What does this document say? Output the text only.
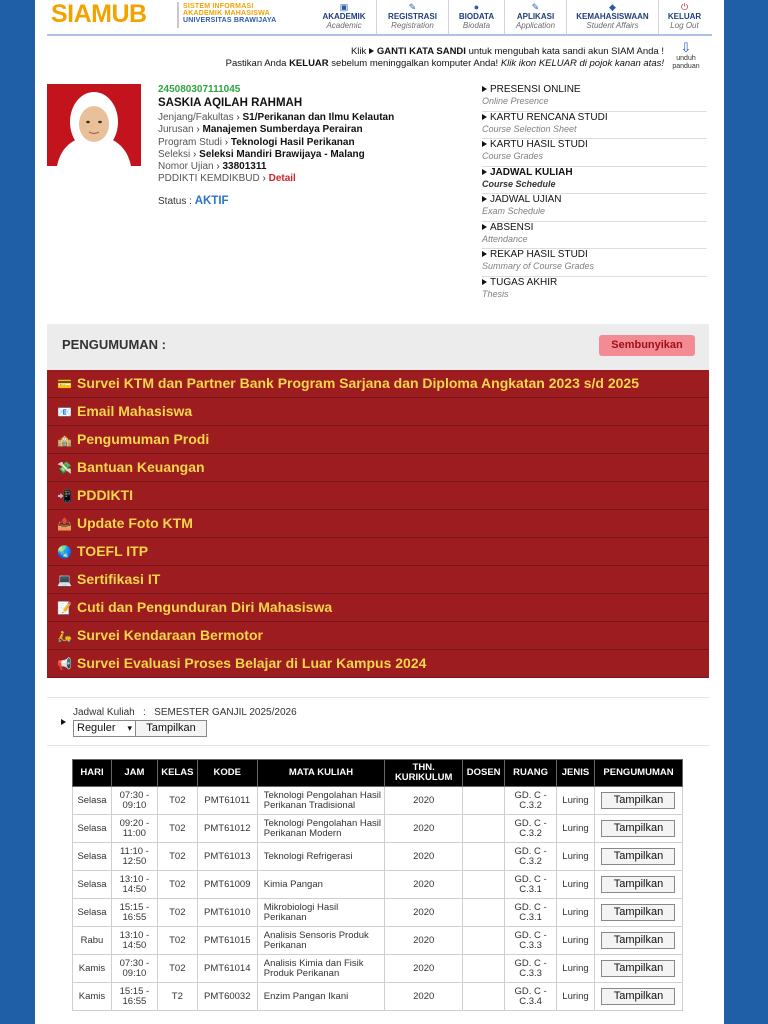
SIAMUB	SISTEM INFORMASI
AKADEMIK MAHASISWA
UNIVERSITAS BRAWIJAYA
▣
AKADEMIK
Academic
✎
REGISTRASI
Registration
●
BIODATA
Biodata
✎
APLIKASI
Application
◆
KEMAHASISWAAN
Student Affairs
⏻
KELUAR
Log Out
Klik GANTI KATA SANDI untuk mengubah kata sandi akun SIAM Anda !
Pastikan Anda KELUAR sebelum meninggalkan komputer Anda! Klik ikon KELUAR di pojok kanan atas!
⇩
unduh
panduan
245080307111045
SASKIA AQILAH RAHMAH
Jenjang/Fakultas › S1/Perikanan dan Ilmu Kelautan
Jurusan › Manajemen Sumberdaya Perairan
Program Studi › Teknologi Hasil Perikanan
Seleksi › Seleksi Mandiri Brawijaya - Malang
Nomor Ujian › 33801311
PDDIKTI KEMDIKBUD › Detail
Status : AKTIF
PRESENSI ONLINE
Online Presence
KARTU RENCANA STUDI
Course Selection Sheet
KARTU HASIL STUDI
Course Grades
JADWAL KULIAH
Course Schedule
JADWAL UJIAN
Exam Schedule
ABSENSI
Attendance
REKAP HASIL STUDI
Summary of Course Grades
TUGAS AKHIR
Thesis
PENGUMUMAN :	Sembunyikan
💳 Survei KTM dan Partner Bank Program Sarjana dan Diploma Angkatan 2023 s/d 2025
📧 Email Mahasiswa
🏫 Pengumuman Prodi
💸 Bantuan Keuangan
📲 PDDIKTI
📤 Update Foto KTM
🌏 TOEFL ITP
💻 Sertifikasi IT
📝 Cuti dan Pengunduran Diri Mahasiswa
🛵 Survei Kendaraan Bermotor
📢 Survei Evaluasi Proses Belajar di Luar Kampus 2024
Jadwal Kuliah   :   SEMESTER GANJIL 2025/2026
Reguler ▾	Tampilkan
HARI	JAM	KELAS	KODE	MATA KULIAH	THN. KURIKULUM	DOSEN	RUANG	JENIS	PENGUMUMAN
Selasa	07:30 - 09:10	T02	PMT61011	Teknologi Pengolahan Hasil Perikanan Tradisional	2020		GD. C - C.3.2	Luring	Tampilkan
Selasa	09:20 - 11:00	T02	PMT61012	Teknologi Pengolahan Hasil Perikanan Modern	2020		GD. C - C.3.2	Luring	Tampilkan
Selasa	11:10 - 12:50	T02	PMT61013	Teknologi Refrigerasi	2020		GD. C - C.3.2	Luring	Tampilkan
Selasa	13:10 - 14:50	T02	PMT61009	Kimia Pangan	2020		GD. C - C.3.1	Luring	Tampilkan
Selasa	15:15 - 16:55	T02	PMT61010	Mikrobiologi Hasil Perikanan	2020		GD. C - C.3.1	Luring	Tampilkan
Rabu	13:10 - 14:50	T02	PMT61015	Analisis Sensoris Produk Perikanan	2020		GD. C - C.3.3	Luring	Tampilkan
Kamis	07:30 - 09:10	T02	PMT61014	Analisis Kimia dan Fisik Produk Perikanan	2020		GD. C - C.3.3	Luring	Tampilkan
Kamis	15:15 - 16:55	T2	PMT60032	Enzim Pangan Ikani	2020		GD. C - C.3.4	Luring	Tampilkan
